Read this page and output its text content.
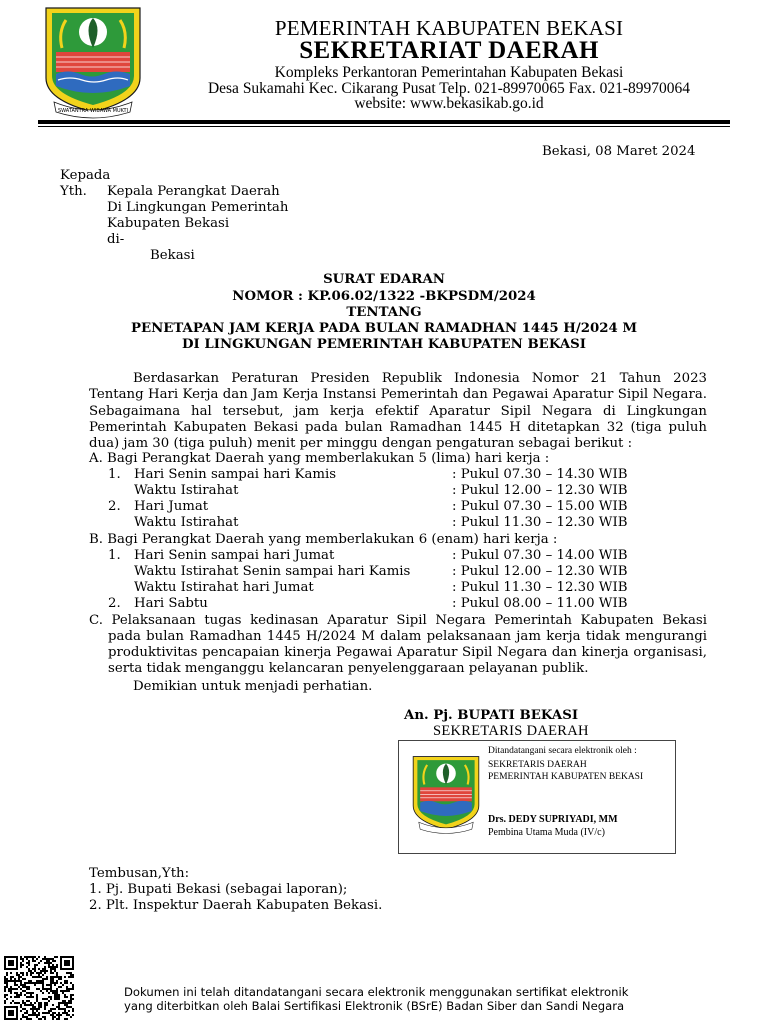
SWATANTRA WIBAWA MUKTI
PEMERINTAH KABUPATEN BEKASI
SEKRETARIAT DAERAH
Kompleks Perkantoran Pemerintahan Kabupaten Bekasi
Desa Sukamahi Kec. Cikarang Pusat Telp. 021-89970065 Fax. 021-89970064
website: www.bekasikab.go.id
Bekasi, 08 Maret 2024
Kepada
Yth. Kepala Perangkat Daerah
Di Lingkungan Pemerintah
Kabupaten Bekasi
di-
Bekasi
SURAT EDARAN
NOMOR : KP.06.02/1322 -BKPSDM/2024
TENTANG
PENETAPAN JAM KERJA PADA BULAN RAMADHAN 1445 H/2024 M
DI LINGKUNGAN PEMERINTAH KABUPATEN BEKASI
Berdasarkan Peraturan Presiden Republik Indonesia Nomor 21 Tahun 2023
Tentang Hari Kerja dan Jam Kerja Instansi Pemerintah dan Pegawai Aparatur Sipil Negara.
Sebagaimana hal tersebut, jam kerja efektif Aparatur Sipil Negara di Lingkungan
Pemerintah Kabupaten Bekasi pada bulan Ramadhan 1445 H ditetapkan 32 (tiga puluh
dua) jam 30 (tiga puluh) menit per minggu dengan pengaturan sebagai berikut :
A. Bagi Perangkat Daerah yang memberlakukan 5 (lima) hari kerja :
1. Hari Senin sampai hari Kamis	: Pukul 07.30 – 14.30 WIB
Waktu Istirahat	: Pukul 12.00 – 12.30 WIB
2. Hari Jumat	: Pukul 07.30 – 15.00 WIB
Waktu Istirahat	: Pukul 11.30 – 12.30 WIB
B. Bagi Perangkat Daerah yang memberlakukan 6 (enam) hari kerja :
1. Hari Senin sampai hari Jumat	: Pukul 07.30 – 14.00 WIB
Waktu Istirahat Senin sampai hari Kamis	: Pukul 12.00 – 12.30 WIB
Waktu Istirahat hari Jumat	: Pukul 11.30 – 12.30 WIB
2. Hari Sabtu	: Pukul 08.00 – 11.00 WIB
C. Pelaksanaan tugas kedinasan Aparatur Sipil Negara Pemerintah Kabupaten Bekasi
pada bulan Ramadhan 1445 H/2024 M dalam pelaksanaan jam kerja tidak mengurangi
produktivitas pencapaian kinerja Pegawai Aparatur Sipil Negara dan kinerja organisasi,
serta tidak menganggu kelancaran penyelenggaraan pelayanan publik.
Demikian untuk menjadi perhatian.
An. Pj. BUPATI BEKASI
SEKRETARIS DAERAH
Ditandatangani secara elektronik oleh :
SEKRETARIS DAERAH
PEMERINTAH KABUPATEN BEKASI
Drs. DEDY SUPRIYADI, MM
Pembina Utama Muda (IV/c)
Tembusan,Yth:
1. Pj. Bupati Bekasi (sebagai laporan);
2. Plt. Inspektur Daerah Kabupaten Bekasi.
Dokumen ini telah ditandatangani secara elektronik menggunakan sertifikat elektronik
yang diterbitkan oleh Balai Sertifikasi Elektronik (BSrE) Badan Siber dan Sandi Negara
